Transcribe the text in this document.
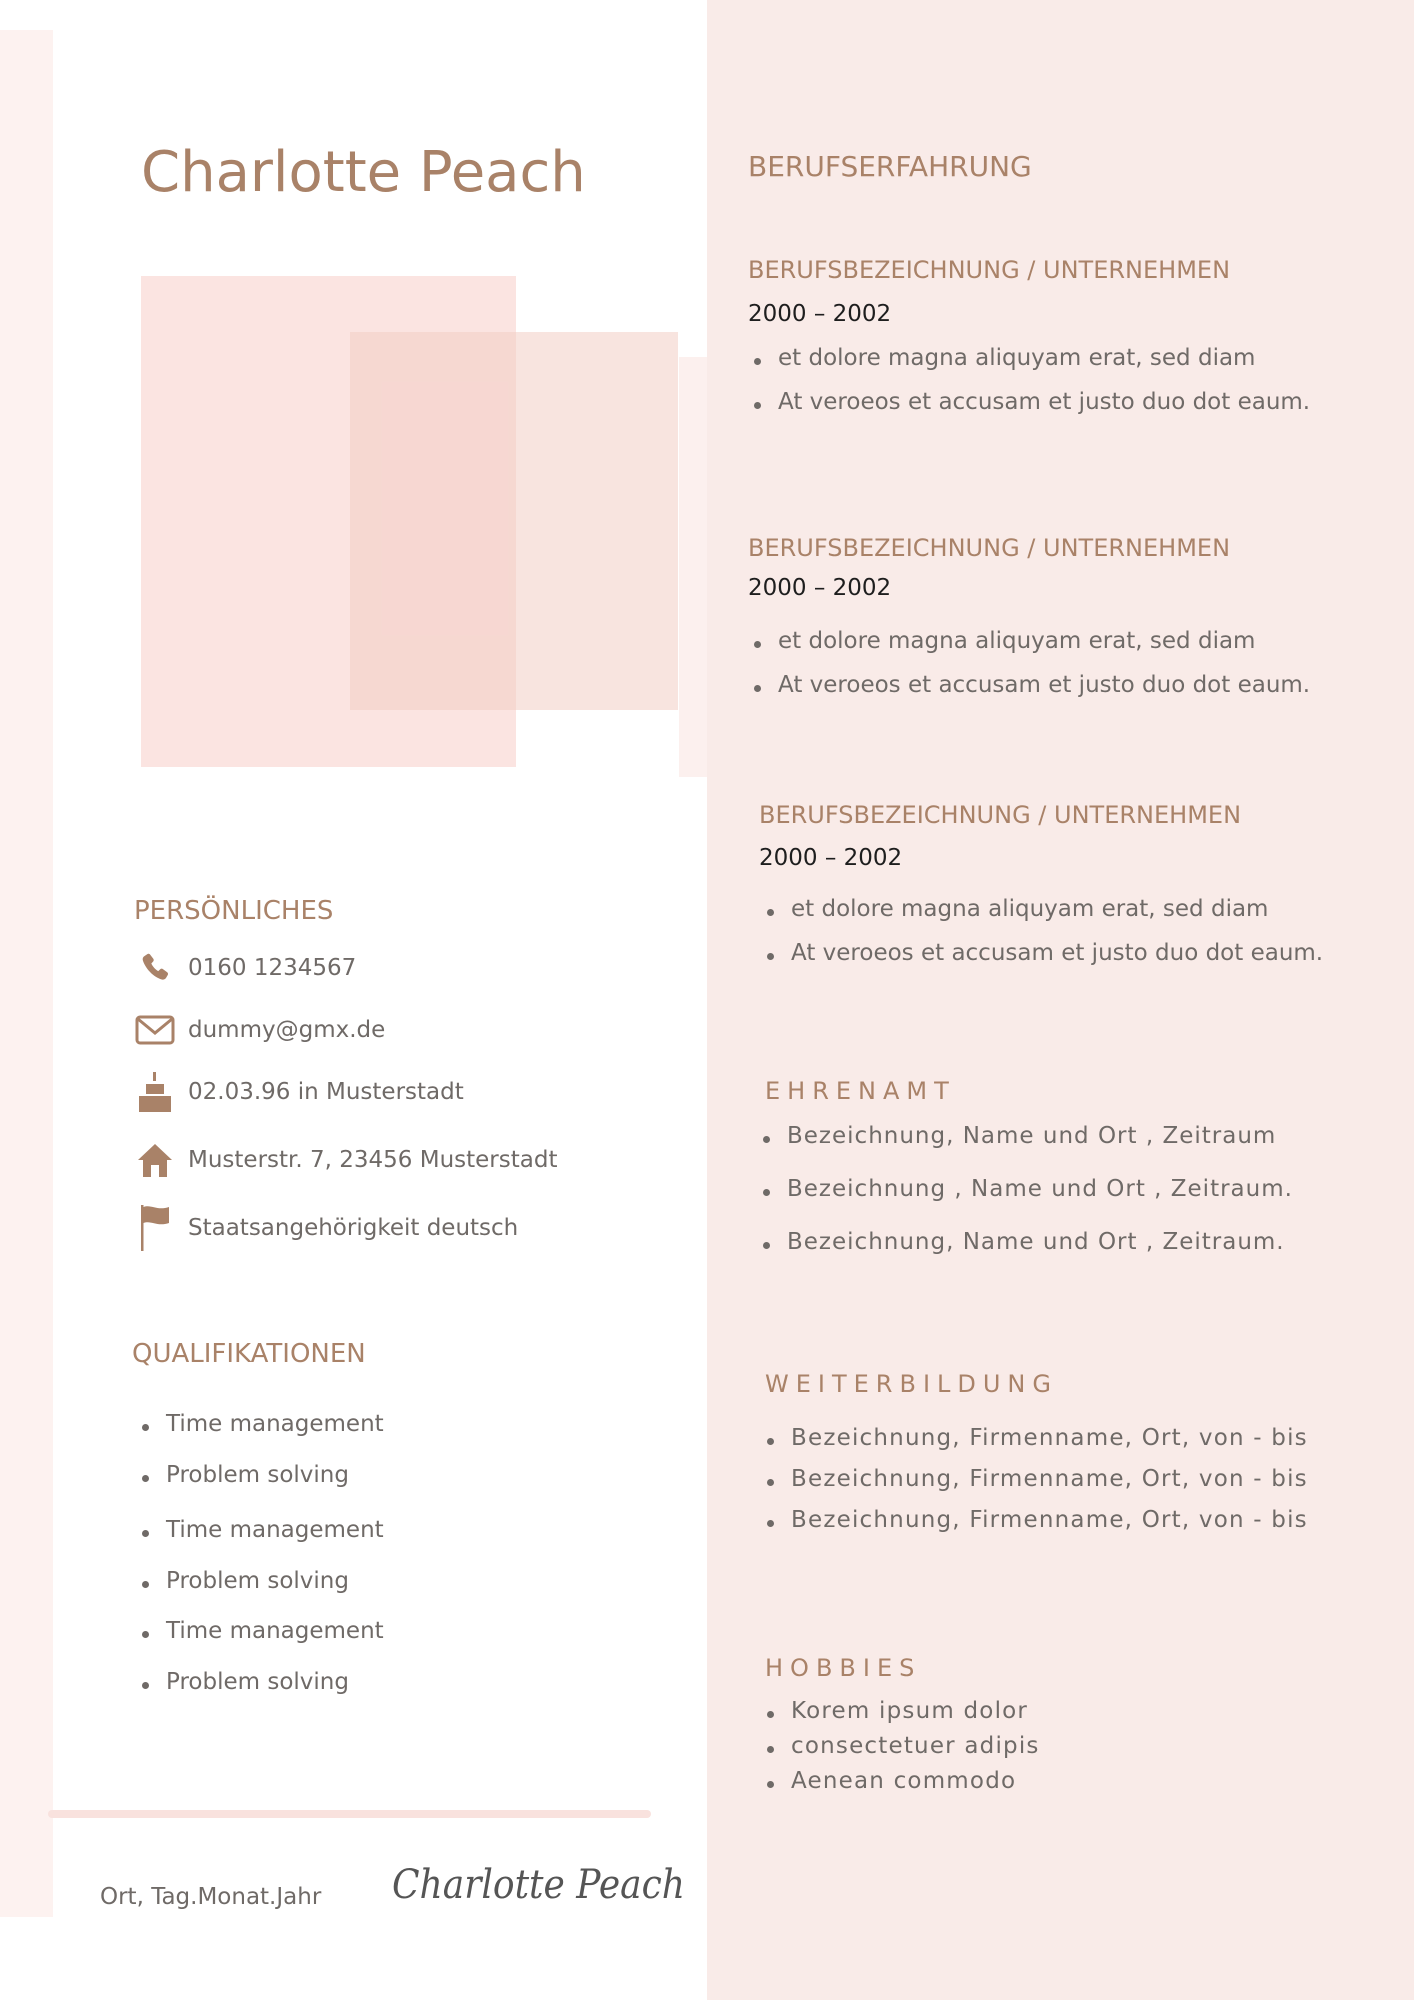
Charlotte Peach
PERSÖNLICHES
0160 1234567
dummy@gmx.de
02.03.96 in Musterstadt
Musterstr. 7, 23456 Musterstadt
Staatsangehörigkeit deutsch
QUALIFIKATIONEN
Time management
Problem solving
Time management
Problem solving
Time management
Problem solving
Ort, Tag.Monat.Jahr Charlotte Peach
BERUFSERFAHRUNG
BERUFSBEZEICHNUNG / UNTERNEHMEN
2000 – 2002
et dolore magna aliquyam erat, sed diam
At veroeos et accusam et justo duo dot eaum.
BERUFSBEZEICHNUNG / UNTERNEHMEN
2000 – 2002
et dolore magna aliquyam erat, sed diam
At veroeos et accusam et justo duo dot eaum.
BERUFSBEZEICHNUNG / UNTERNEHMEN
2000 – 2002
et dolore magna aliquyam erat, sed diam
At veroeos et accusam et justo duo dot eaum.
EHRENAMT
Bezeichnung, Name und Ort , Zeitraum
Bezeichnung , Name und Ort , Zeitraum.
Bezeichnung, Name und Ort , Zeitraum.
WEITERBILDUNG
Bezeichnung, Firmenname, Ort, von - bis
Bezeichnung, Firmenname, Ort, von - bis
Bezeichnung, Firmenname, Ort, von - bis
HOBBIES
Korem ipsum dolor
consectetuer adipis
Aenean commodo
